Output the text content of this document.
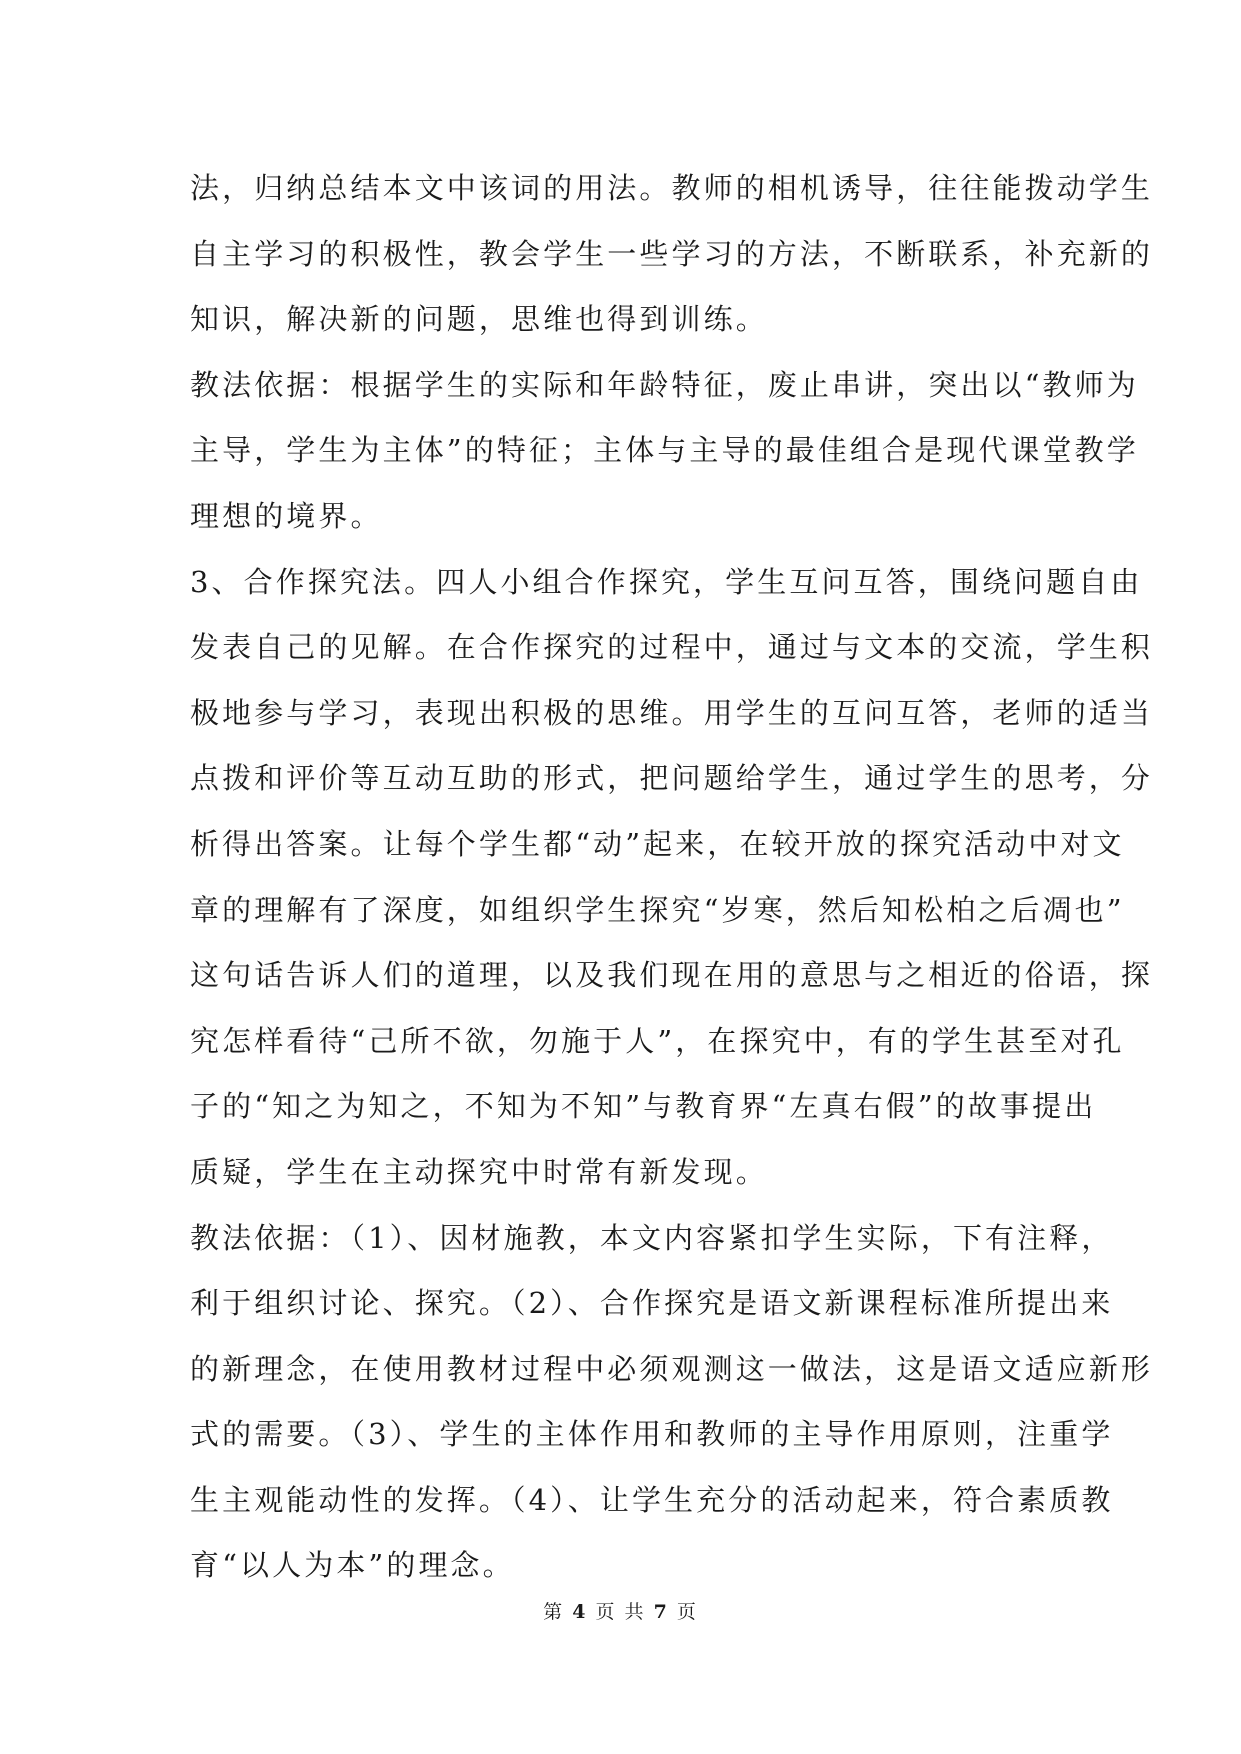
法，归纳总结本文中该词的用法。教师的相机诱导，往往能拨动学生
自主学习的积极性，教会学生一些学习的方法，不断联系，补充新的
知识，解决新的问题，思维也得到训练。
教法依据：根据学生的实际和年龄特征，废止串讲，突出以“教师为
主导，学生为主体”的特征；主体与主导的最佳组合是现代课堂教学
理想的境界。
3、合作探究法。四人小组合作探究，学生互问互答，围绕问题自由
发表自己的见解。在合作探究的过程中，通过与文本的交流，学生积
极地参与学习，表现出积极的思维。用学生的互问互答，老师的适当
点拨和评价等互动互助的形式，把问题给学生，通过学生的思考，分
析得出答案。让每个学生都“动”起来，在较开放的探究活动中对文
章的理解有了深度，如组织学生探究“岁寒，然后知松柏之后凋也”
这句话告诉人们的道理，以及我们现在用的意思与之相近的俗语，探
究怎样看待“己所不欲，勿施于人”，在探究中，有的学生甚至对孔
子的“知之为知之，不知为不知”与教育界“左真右假”的故事提出
质疑，学生在主动探究中时常有新发现。
教法依据：（1）、因材施教，本文内容紧扣学生实际，下有注释，
利于组织讨论、探究。（2）、合作探究是语文新课程标准所提出来
的新理念，在使用教材过程中必须观测这一做法，这是语文适应新形
式的需要。（3）、学生的主体作用和教师的主导作用原则，注重学
生主观能动性的发挥。（4）、让学生充分的活动起来，符合素质教
育“以人为本”的理念。
第 4 页 共 7 页
